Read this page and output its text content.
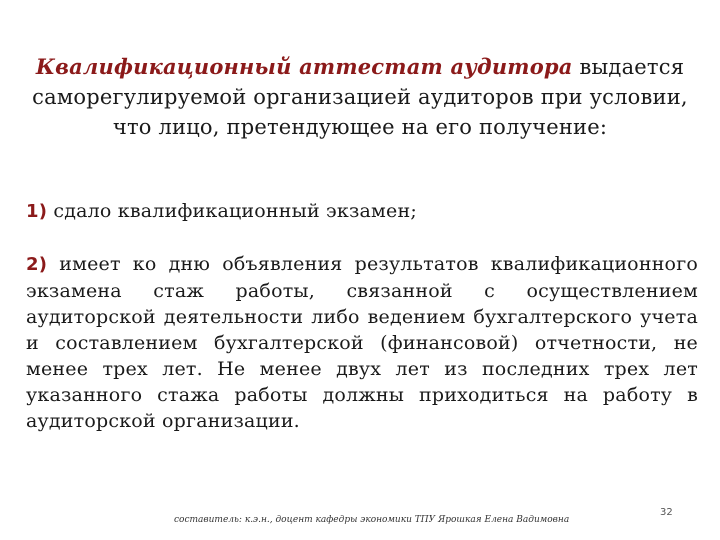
Квалификационный аттестат аудитора выдается саморегулируемой организацией аудиторов при условии, что лицо, претендующее на его получение:

1) сдало квалификационный экзамен;

2) имеет ко дню объявления результатов квалификационного экзамена стаж работы, связанной с осуществлением аудиторской деятельности либо ведением бухгалтерского учета и составлением бухгалтерской (финансовой) отчетности, не менее трех лет. Не менее двух лет из последних трех лет указанного стажа работы должны приходиться на работу в аудиторской организации.

составитель: к.э.н., доцент кафедры экономики ТПУ Ярошкая Елена Вадимовна
32
